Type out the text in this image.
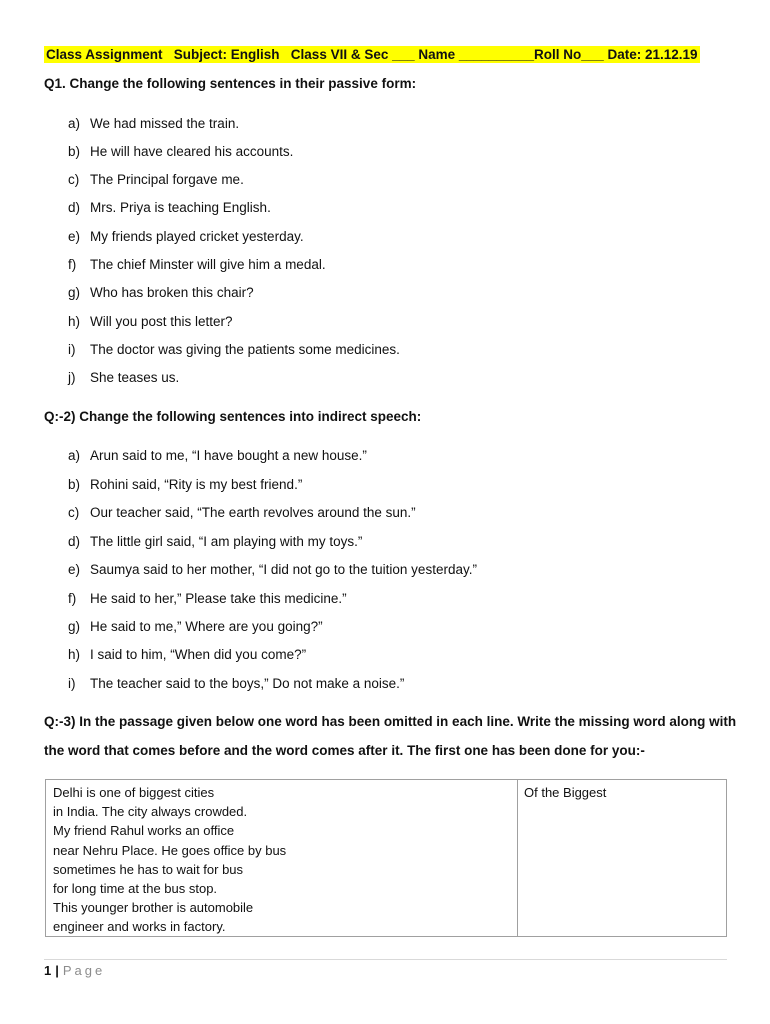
Class Assignment   Subject: English   Class VII & Sec ___ Name __________Roll No___ Date: 21.12.19
Q1. Change the following sentences in their passive form:
a) We had missed the train.
b) He will have cleared his accounts.
c) The Principal forgave me.
d) Mrs. Priya is teaching English.
e) My friends played cricket yesterday.
f) The chief Minster will give him a medal.
g) Who has broken this chair?
h) Will you post this letter?
i) The doctor was giving the patients some medicines.
j) She teases us.
Q:-2) Change the following sentences into indirect speech:
a) Arun said to me, “I have bought a new house.”
b) Rohini said, “Rity is my best friend.”
c) Our teacher said, “The earth revolves around the sun.”
d) The little girl said, “I am playing with my toys.”
e) Saumya said to her mother, “I did not go to the tuition yesterday.”
f) He said to her,” Please take this medicine.”
g) He said to me,” Where are you going?”
h) I said to him, “When did you come?”
i) The teacher said to the boys,” Do not make a noise.”
Q:-3) In the passage given below one word has been omitted in each line. Write the missing word along with
the word that comes before and the word comes after it. The first one has been done for you:-
Delhi is one of biggest cities
in India. The city always crowded.
My friend Rahul works an office
near Nehru Place. He goes office by bus
sometimes he has to wait for bus
for long time at the bus stop.
This younger brother is automobile
engineer and works in factory.
Of the Biggest
1 | Page
